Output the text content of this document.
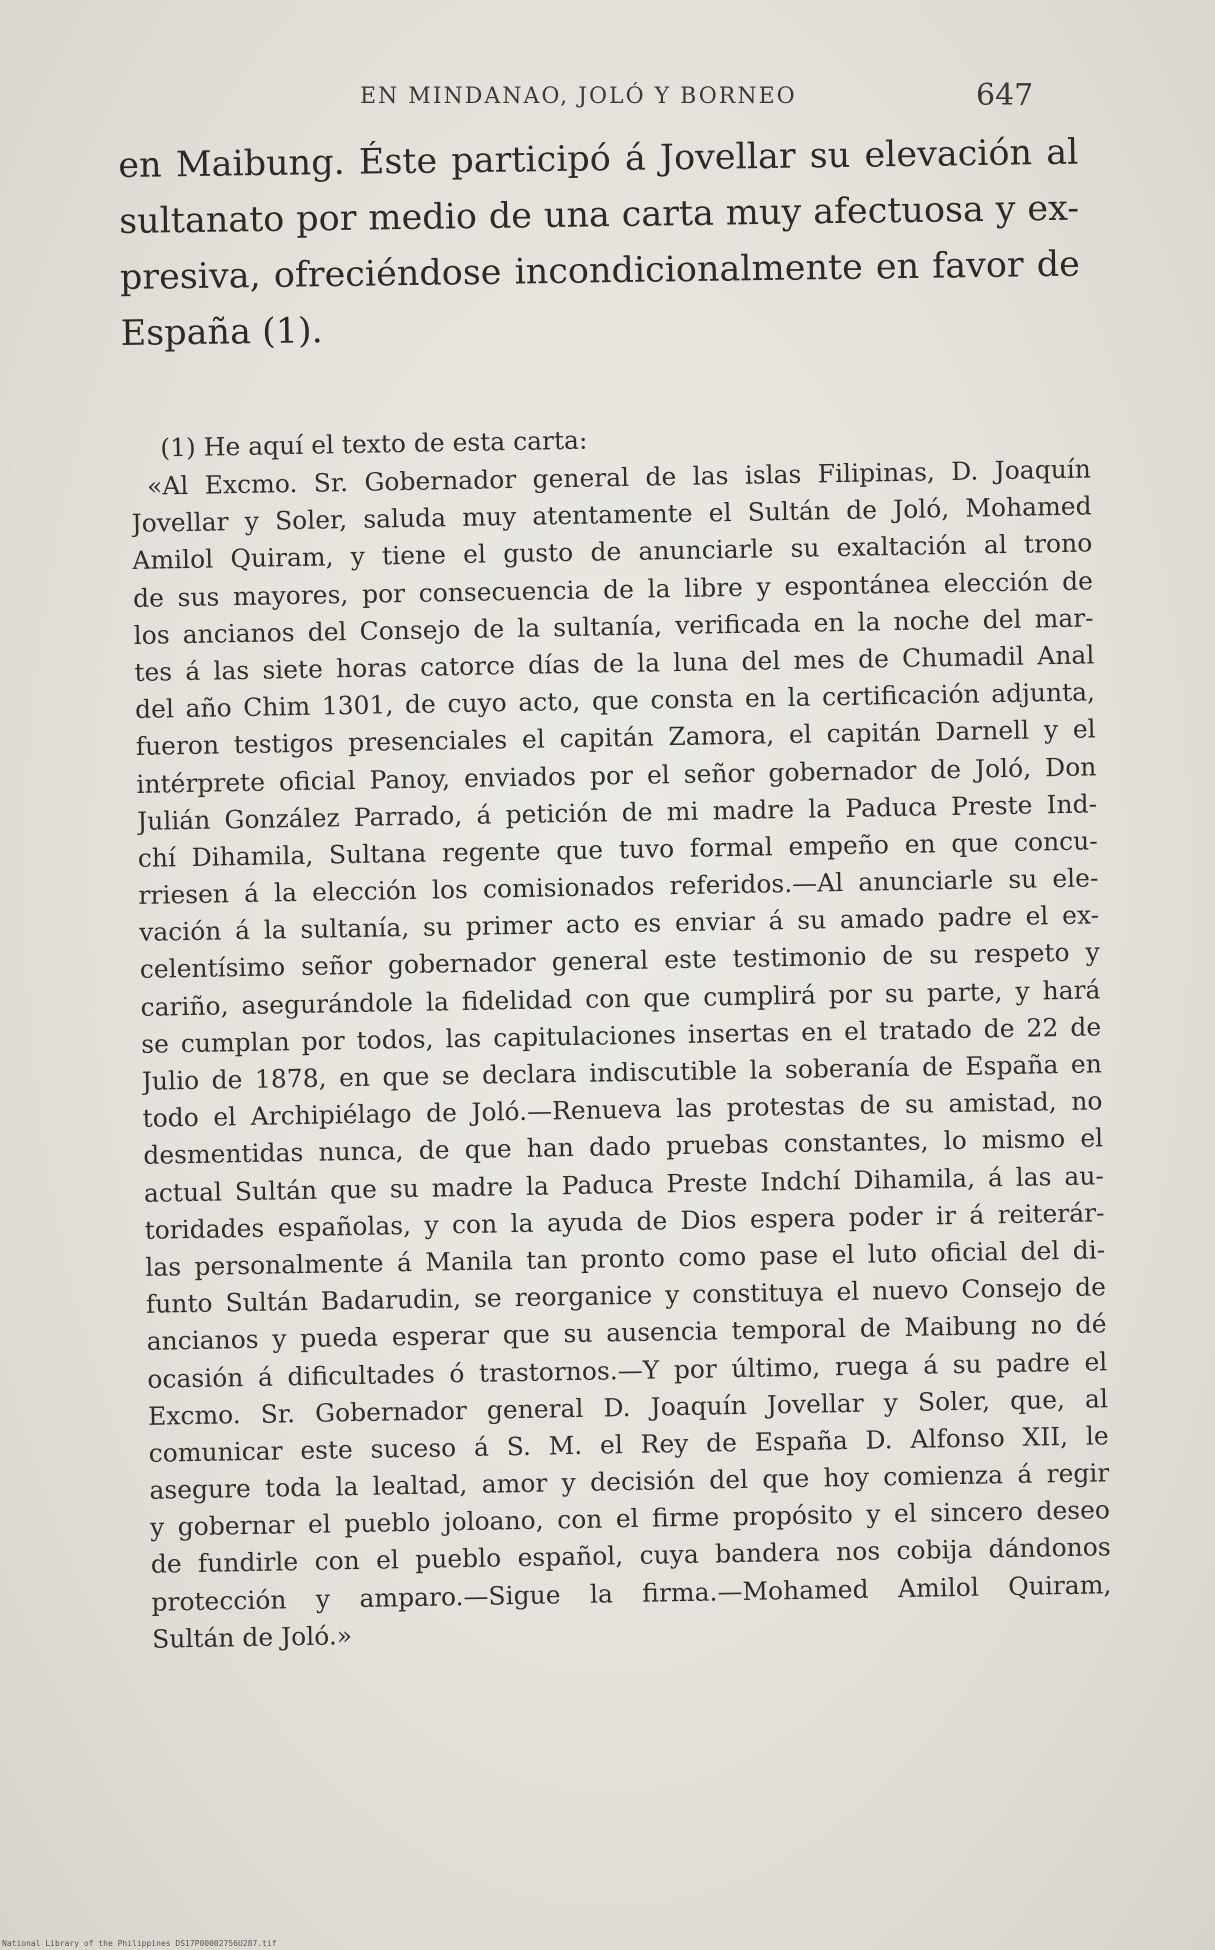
EN MINDANAO, JOLÓ Y BORNEO	647
en Maibung. Éste participó á Jovellar su elevación al
sultanato por medio de una carta muy afectuosa y ex-
presiva, ofreciéndose incondicionalmente en favor de
España (1).
(1) He aquí el texto de esta carta:
«Al Excmo. Sr. Gobernador general de las islas Filipinas, D. Joaquín
Jovellar y Soler, saluda muy atentamente el Sultán de Joló, Mohamed
Amilol Quiram, y tiene el gusto de anunciarle su exaltación al trono
de sus mayores, por consecuencia de la libre y espontánea elección de
los ancianos del Consejo de la sultanía, verificada en la noche del mar-
tes á las siete horas catorce días de la luna del mes de Chumadil Anal
del año Chim 1301, de cuyo acto, que consta en la certificación adjunta,
fueron testigos presenciales el capitán Zamora, el capitán Darnell y el
intérprete oficial Panoy, enviados por el señor gobernador de Joló, Don
Julián González Parrado, á petición de mi madre la Paduca Preste Ind-
chí Dihamila, Sultana regente que tuvo formal empeño en que concu-
rriesen á la elección los comisionados referidos.—Al anunciarle su ele-
vación á la sultanía, su primer acto es enviar á su amado padre el ex-
celentísimo señor gobernador general este testimonio de su respeto y
cariño, asegurándole la fidelidad con que cumplirá por su parte, y hará
se cumplan por todos, las capitulaciones insertas en el tratado de 22 de
Julio de 1878, en que se declara indiscutible la soberanía de España en
todo el Archipiélago de Joló.—Renueva las protestas de su amistad, no
desmentidas nunca, de que han dado pruebas constantes, lo mismo el
actual Sultán que su madre la Paduca Preste Indchí Dihamila, á las au-
toridades españolas, y con la ayuda de Dios espera poder ir á reiterár-
las personalmente á Manila tan pronto como pase el luto oficial del di-
funto Sultán Badarudin, se reorganice y constituya el nuevo Consejo de
ancianos y pueda esperar que su ausencia temporal de Maibung no dé
ocasión á dificultades ó trastornos.—Y por último, ruega á su padre el
Excmo. Sr. Gobernador general D. Joaquín Jovellar y Soler, que, al
comunicar este suceso á S. M. el Rey de España D. Alfonso XII, le
asegure toda la lealtad, amor y decisión del que hoy comienza á regir
y gobernar el pueblo joloano, con el firme propósito y el sincero deseo
de fundirle con el pueblo español, cuya bandera nos cobija dándonos
protección y amparo.—Sigue la firma.—Mohamed Amilol Quiram,
Sultán de Joló.»
National Library of the Philippines DS17P00002756U287.tif
